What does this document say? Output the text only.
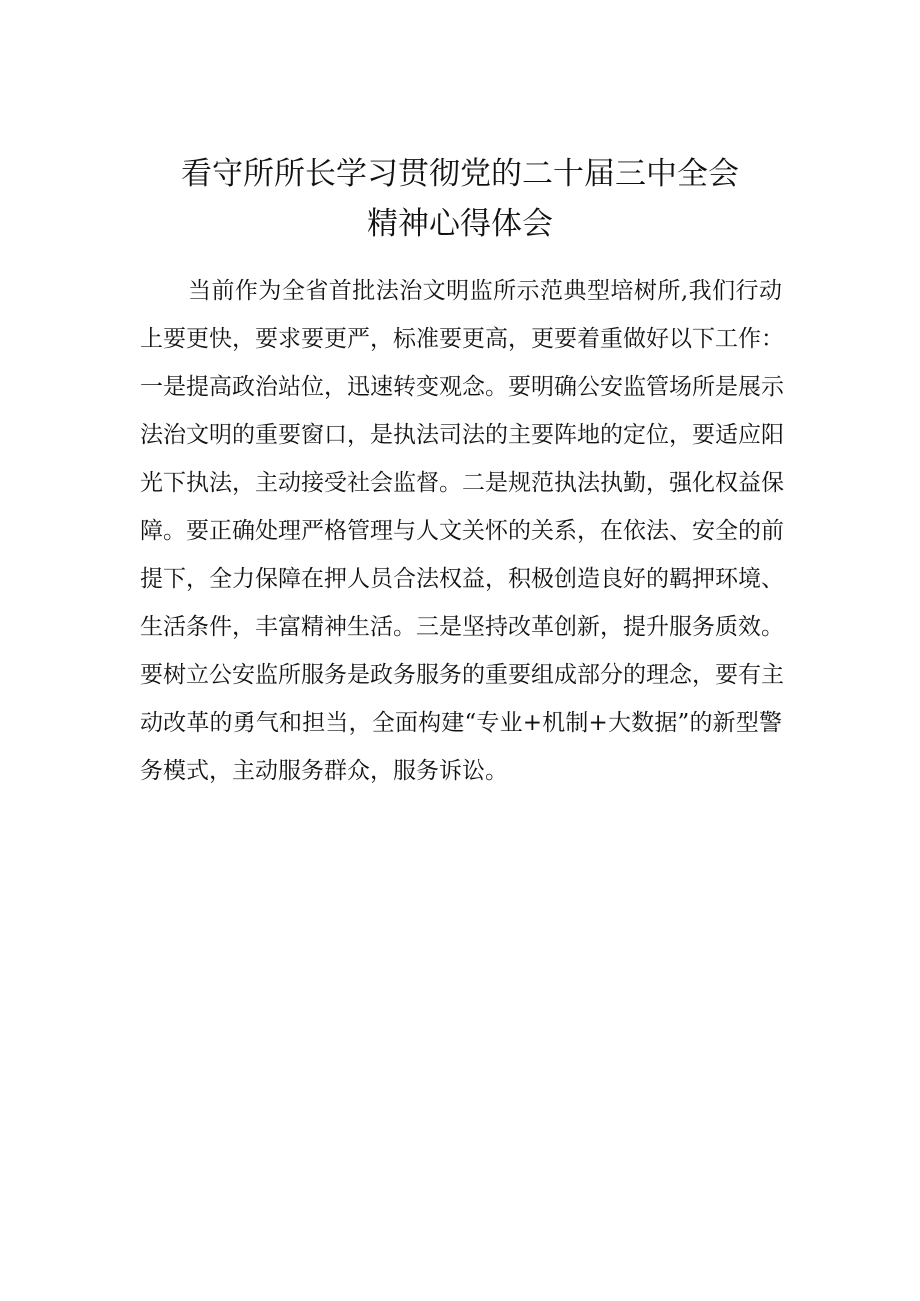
看守所所长学习贯彻党的二十届三中全会
精神心得体会
当前作为全省首批法治文明监所示范典型培树所,我们行动
上要更快，要求要更严，标准要更高，更要着重做好以下工作：
一是提高政治站位，迅速转变观念。要明确公安监管场所是展示
法治文明的重要窗口，是执法司法的主要阵地的定位，要适应阳
光下执法，主动接受社会监督。二是规范执法执勤，强化权益保
障。要正确处理严格管理与人文关怀的关系，在依法、安全的前
提下，全力保障在押人员合法权益，积极创造良好的羁押环境、
生活条件，丰富精神生活。三是坚持改革创新，提升服务质效。
要树立公安监所服务是政务服务的重要组成部分的理念，要有主
动改革的勇气和担当，全面构建“专业+机制+大数据”的新型警
务模式，主动服务群众，服务诉讼。
